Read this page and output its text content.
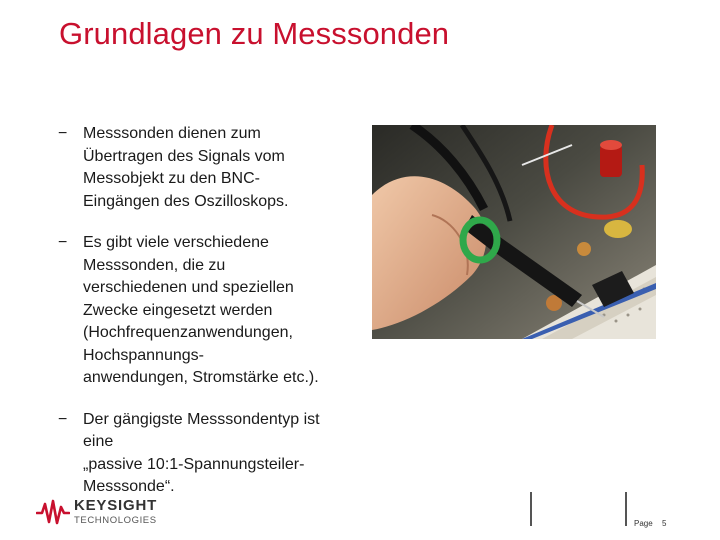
Grundlagen zu Messsonden
− Messsonden dienen zum
Übertragen des Signals vom
Messobjekt zu den BNC-
Eingängen des Oszilloskops.
− Es gibt viele verschiedene
Messsonden, die zu
verschiedenen und speziellen
Zwecke eingesetzt werden
(Hochfrequenzanwendungen,
Hochspannungs-
anwendungen, Stromstärke etc.).
− Der gängigste Messsondentyp ist
eine
„passive 10:1-Spannungsteiler-
Messsonde“.
KEYSIGHT
TECHNOLOGIES	Page 5
